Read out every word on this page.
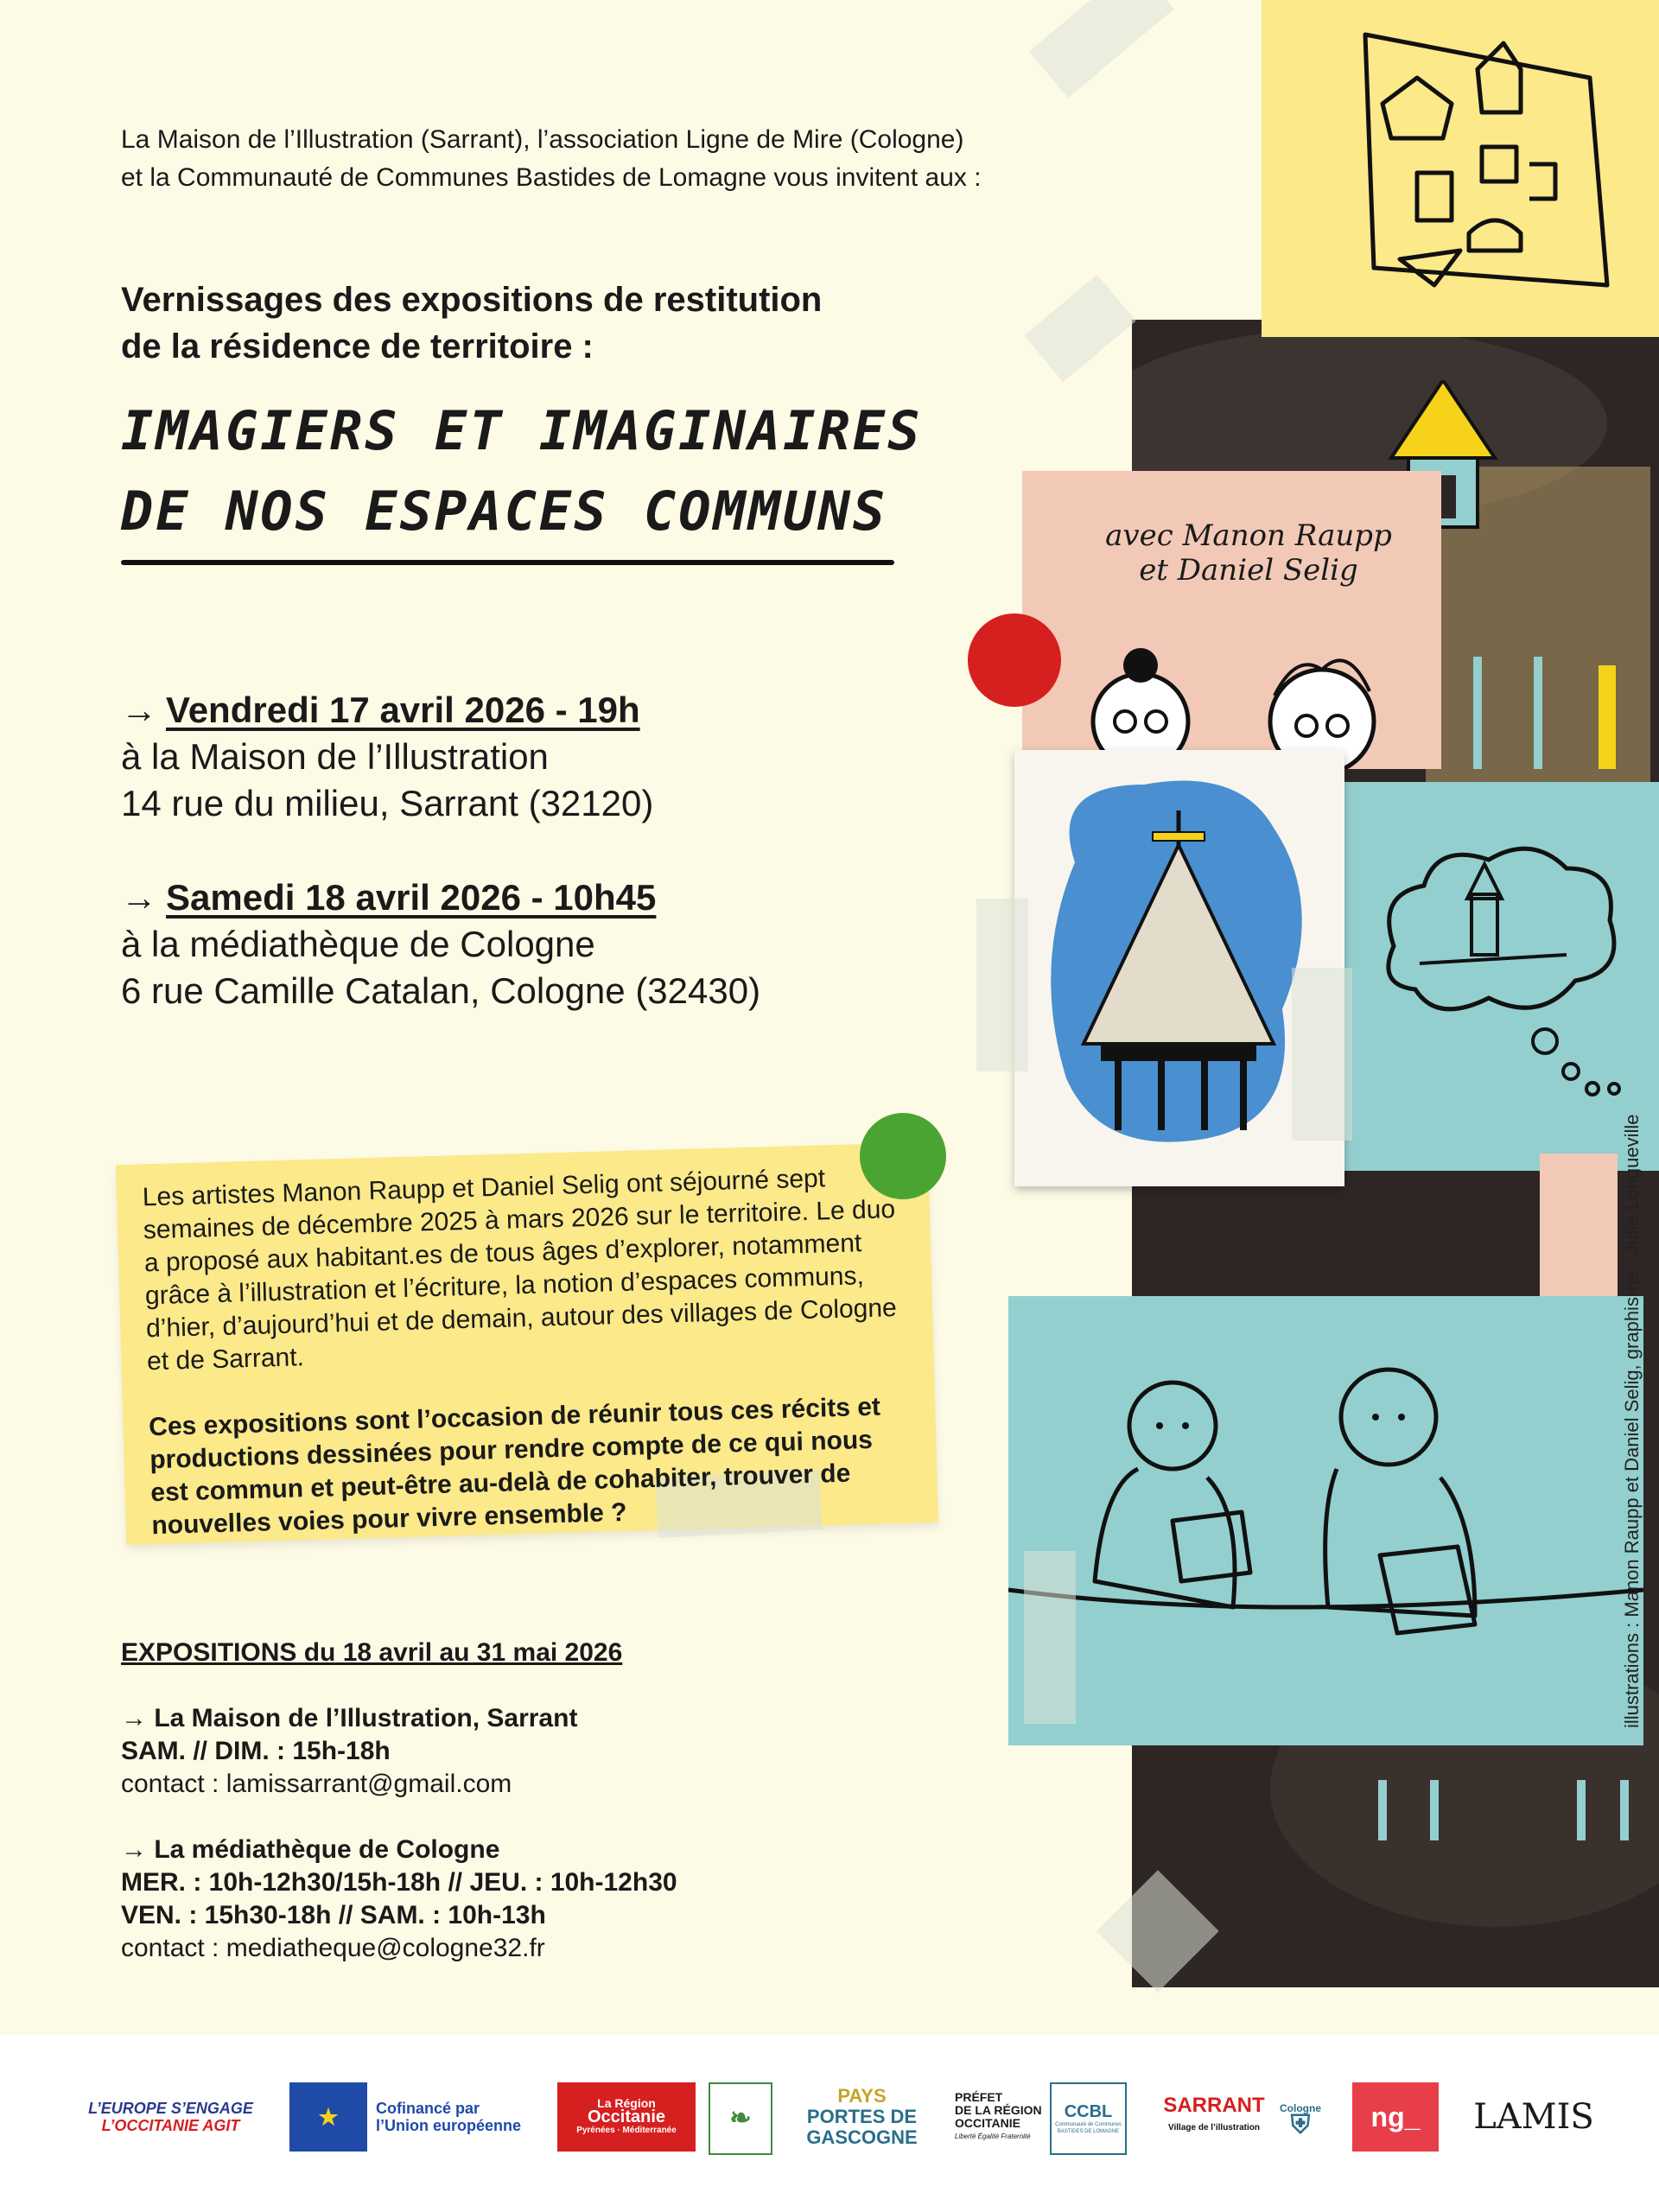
La Maison de l’Illustration (Sarrant), l’association Ligne de Mire (Cologne)
et la Communauté de Communes Bastides de Lomagne vous invitent aux :
Vernissages des expositions de restitution
de la résidence de territoire :
IMAGIERS ET IMAGINAIRES
DE NOS ESPACES COMMUNS
→ Vendredi 17 avril 2026 - 19h
à la Maison de l’Illustration
14 rue du milieu, Sarrant (32120)
→ Samedi 18 avril 2026 - 10h45
à la médiathèque de Cologne
6 rue Camille Catalan, Cologne (32430)
Les artistes Manon Raupp et Daniel Selig ont séjourné sept semaines de décembre 2025 à mars 2026 sur le territoire. Le duo a proposé aux habitant.es de tous âges d’explorer, notamment grâce à l’illustration et l’écriture, la notion d’espaces communs, d’hier, d’aujourd’hui et de demain, autour des villages de Cologne et de Sarrant.
Ces expositions sont l’occasion de réunir tous ces récits et productions dessinées pour rendre compte de ce qui nous est commun et peut-être au-delà de cohabiter, trouver de nouvelles voies pour vivre ensemble ?
EXPOSITIONS du 18 avril au 31 mai 2026
→ La Maison de l’Illustration, Sarrant
SAM. // DIM. : 15h-18h
contact : lamissarrant@gmail.com
→ La médiathèque de Cologne
MER. : 10h-12h30/15h-18h // JEU. : 10h-12h30
VEN. : 15h30-18h // SAM. : 10h-13h
contact : mediatheque@cologne32.fr
avec Manon Raupp
et Daniel Selig
illustrations : Manon Raupp et Daniel Selig, graphisme : Julie Longueville
L’EUROPE S’ENGAGE
L’OCCITANIE AGIT	★	Cofinancé par
l’Union européenne
La Région
Occitanie
Pyrénées · Méditerranée	❧
PAYS
PORTES DE
GASCOGNE
PRÉFET
DE LA RÉGION
OCCITANIE
Liberté Égalité Fraternité
CCBL
Communauté de Communes BASTIDES DE LOMAGNE
SARRANT
Village de l’illustration
Cologne
⛨	ng_	LAMIS
